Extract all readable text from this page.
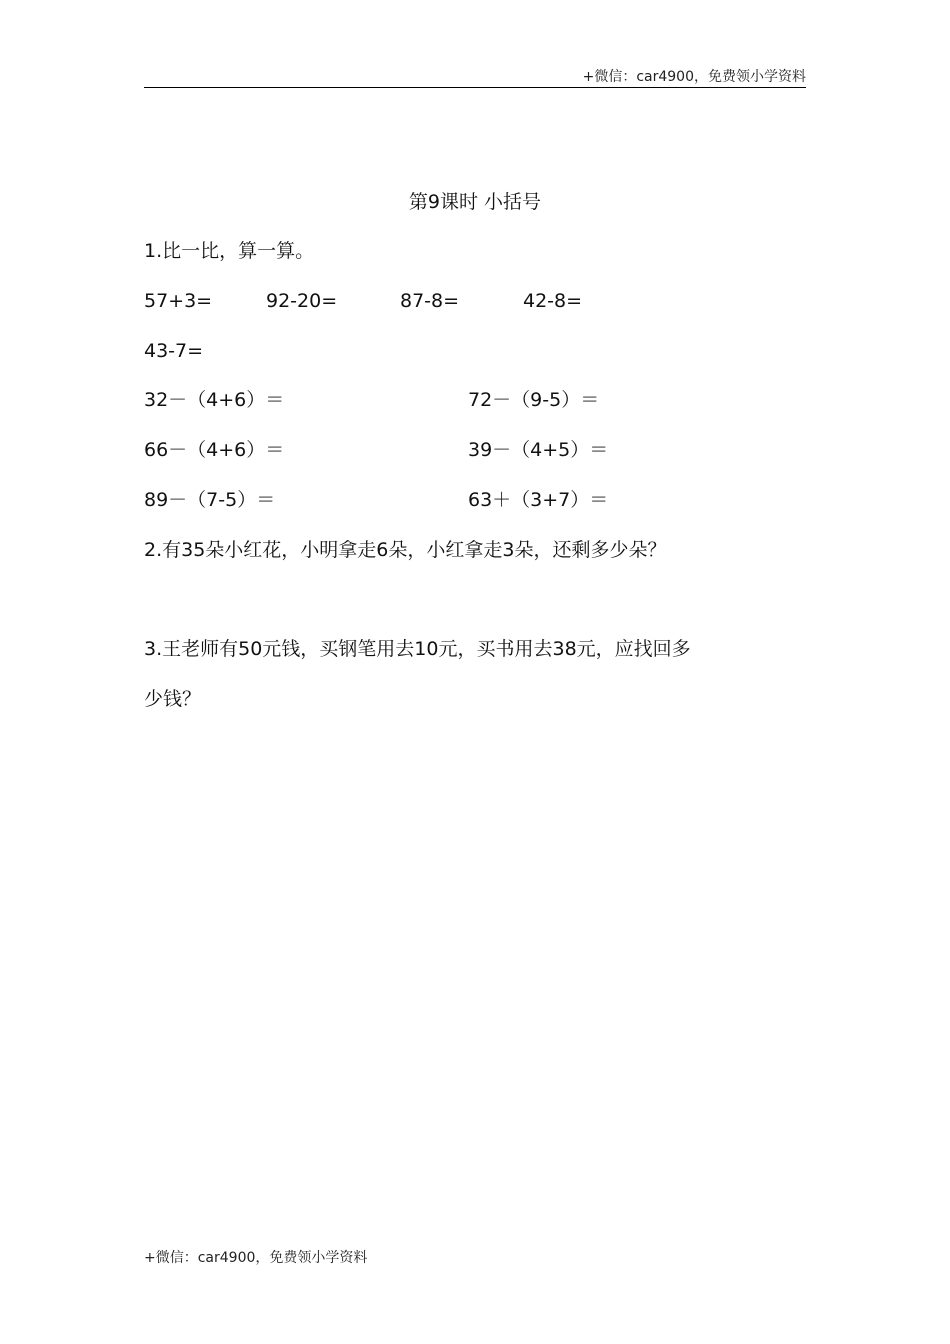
+微信：car4900，免费领小学资料
第9课时 小括号
1.比一比，算一算。
57+3=	92-20=	87-8=	42-8=
43-7=
32－（4+6）＝	72－（9-5）＝
66－（4+6）＝	39－（4+5）＝
89－（7-5）＝	63＋（3+7）＝
2.有35朵小红花，小明拿走6朵，小红拿走3朵，还剩多少朵？
3.王老师有50元钱，买钢笔用去10元，买书用去38元，应找回多
少钱？
+微信：car4900，免费领小学资料
